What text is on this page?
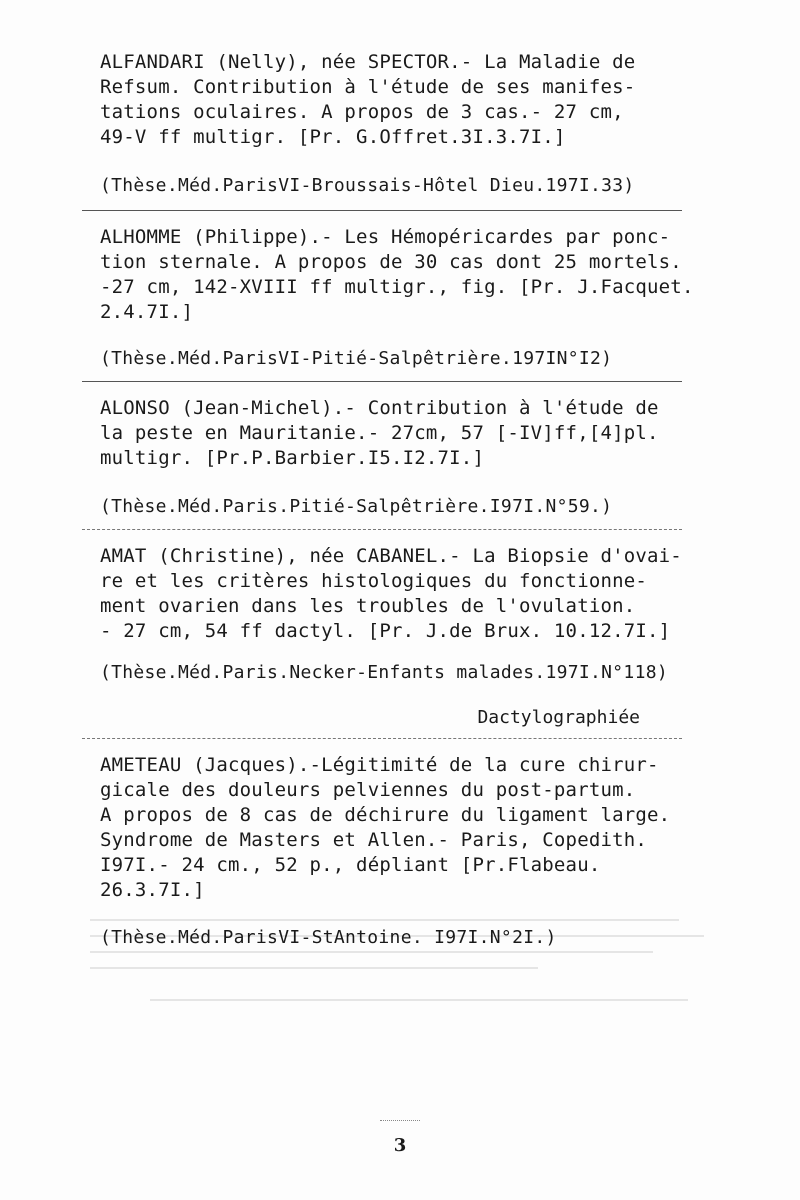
ALFANDARI (Nelly), née SPECTOR.- La Maladie de
Refsum. Contribution à l'étude de ses manifes-
tations oculaires. A propos de 3 cas.- 27 cm,
49-V ff multigr. [Pr. G.Offret.3I.3.7I.]
(Thèse.Méd.ParisVI-Broussais-Hôtel Dieu.197I.33)
ALHOMME (Philippe).- Les Hémopéricardes par ponc-
tion sternale. A propos de 30 cas dont 25 mortels.
-27 cm, 142-XVIII ff multigr., fig. [Pr. J.Facquet.
2.4.7I.]
(Thèse.Méd.ParisVI-Pitié-Salpêtrière.197IN°I2)
ALONSO (Jean-Michel).- Contribution à l'étude de
la peste en Mauritanie.- 27cm, 57 [-IV]ff,[4]pl.
multigr. [Pr.P.Barbier.I5.I2.7I.]
(Thèse.Méd.Paris.Pitié-Salpêtrière.I97I.N°59.)
AMAT (Christine), née CABANEL.- La Biopsie d'ovai-
re et les critères histologiques du fonctionne-
ment ovarien dans les troubles de l'ovulation.
- 27 cm, 54 ff dactyl. [Pr. J.de Brux. 10.12.7I.]
(Thèse.Méd.Paris.Necker-Enfants malades.197I.N°118)
Dactylographiée
AMETEAU (Jacques).-Légitimité de la cure chirur-
gicale des douleurs pelviennes du post-partum.
A propos de 8 cas de déchirure du ligament large.
Syndrome de Masters et Allen.- Paris, Copedith.
I97I.- 24 cm., 52 p., dépliant [Pr.Flabeau.
26.3.7I.]
(Thèse.Méd.ParisVI-StAntoine. I97I.N°2I.)
3
